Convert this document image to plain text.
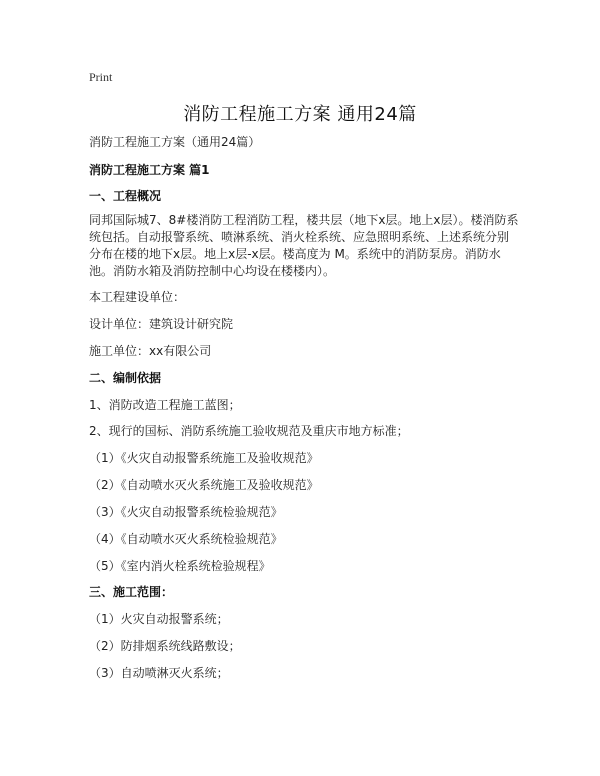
Print
消防工程施工方案 通用24篇
消防工程施工方案（通用24篇）
消防工程施工方案 篇1
一、工程概况
同邦国际城7、8#楼消防工程消防工程，楼共层（地下x层。地上x层）。楼消防系统包括。自动报警系统、喷淋系统、消火栓系统、应急照明系统、上述系统分别分布在楼的地下x层。地上x层-x层。楼高度为 M。系统中的消防泵房。消防水池。消防水箱及消防控制中心均设在楼楼内）。
本工程建设单位：
设计单位：建筑设计研究院
施工单位：xx有限公司
二、编制依据
1、消防改造工程施工蓝图；
2、现行的国标、消防系统施工验收规范及重庆市地方标准；
（1）《火灾自动报警系统施工及验收规范》
（2）《自动喷水灭火系统施工及验收规范》
（3）《火灾自动报警系统检验规范》
（4）《自动喷水灭火系统检验规范》
（5）《室内消火栓系统检验规程》
三、施工范围：
（1）火灾自动报警系统；
（2）防排烟系统线路敷设；
（3）自动喷淋灭火系统；
